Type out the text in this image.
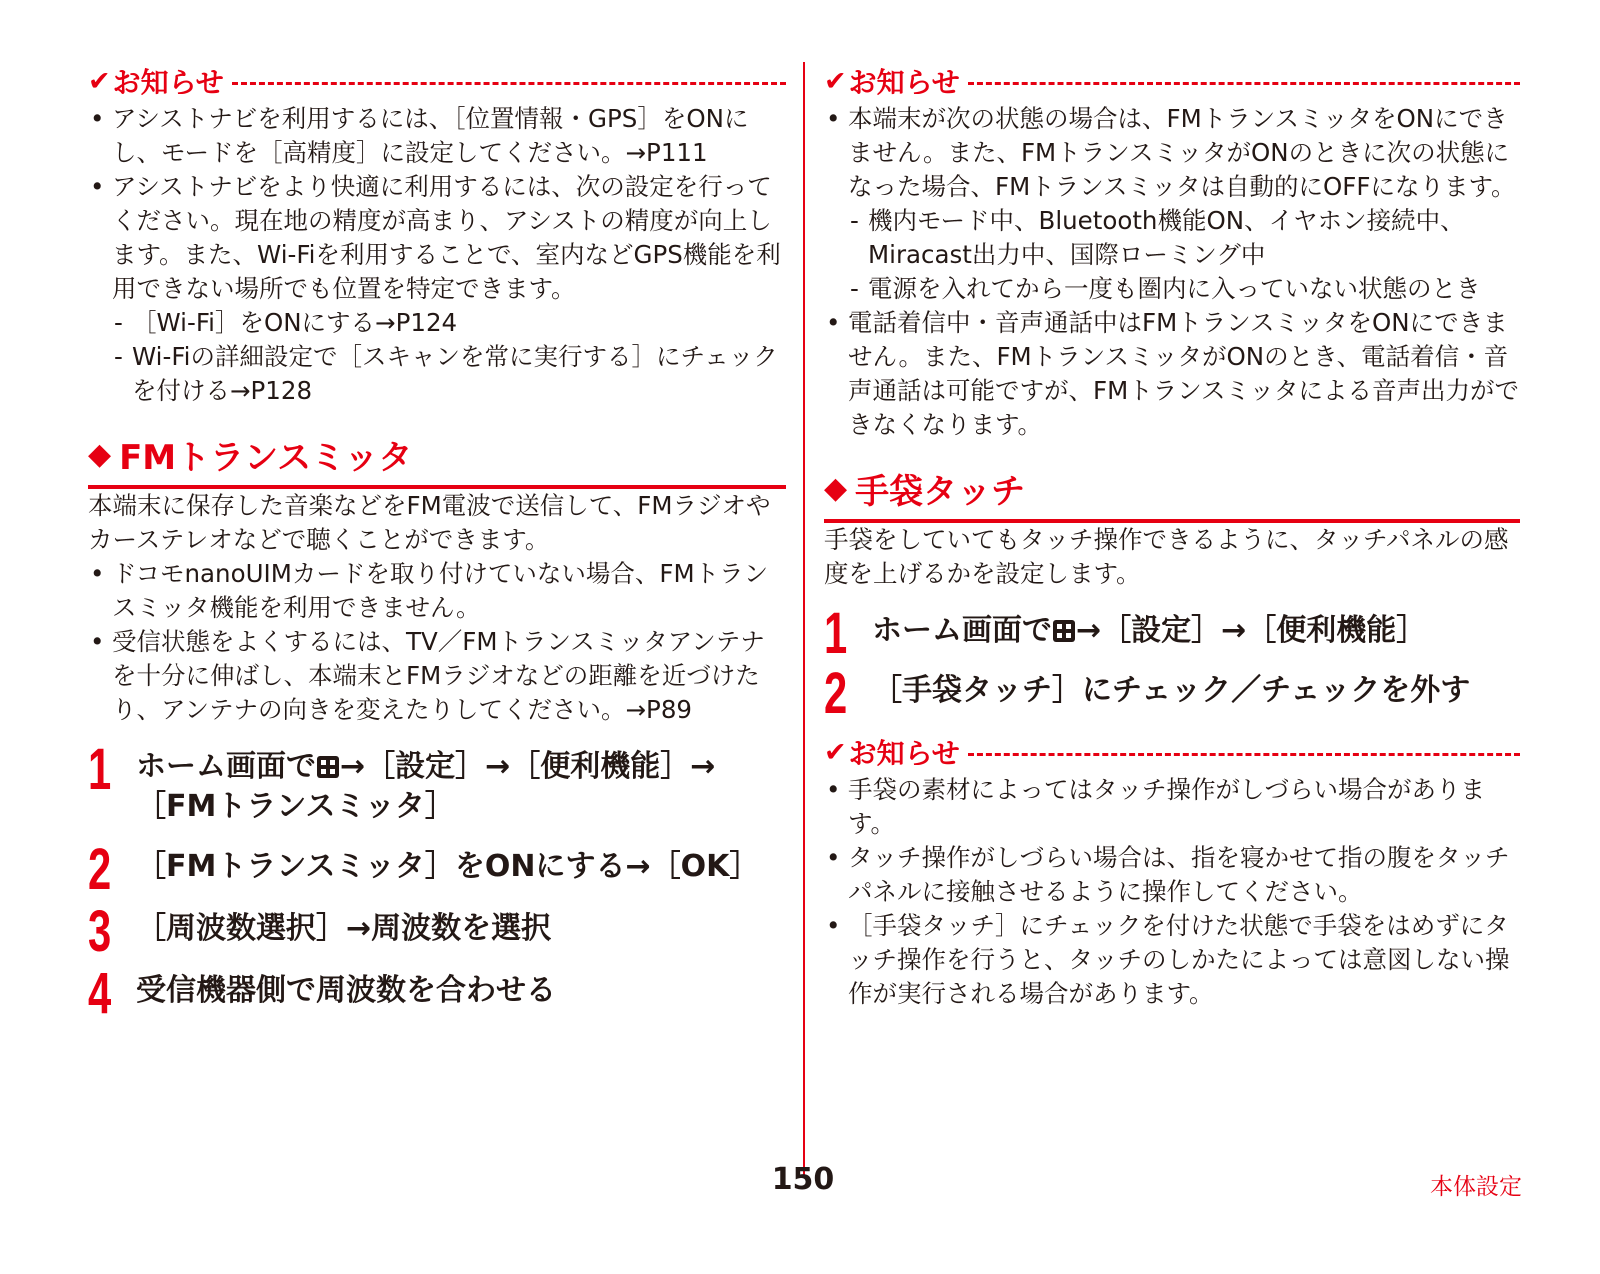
✔ お知らせ
• アシストナビを利用するには、［位置情報・GPS］をONにし、モードを［高精度］に設定してください。→P111
• アシストナビをより快適に利用するには、次の設定を行ってください。現在地の精度が高まり、アシストの精度が向上します。また、Wi-Fiを利用することで、室内などGPS機能を利用できない場所でも位置を特定できます。
- ［Wi-Fi］をONにする→P124
- Wi-Fiの詳細設定で［スキャンを常に実行する］にチェックを付ける→P128
◆ FMトランスミッタ

本端末に保存した音楽などをFM電波で送信して、FMラジオやカーステレオなどで聴くことができます。

• ドコモnanoUIMカードを取り付けていない場合、FMトランスミッタ機能を利用できません。
• 受信状態をよくするには、TV／FMトランスミッタアンテナを十分に伸ばし、本端末とFMラジオなどの距離を近づけたり、アンテナの向きを変えたりしてください。→P89
1 ホーム画面で →［設定］→［便利機能］→［FMトランスミッタ］
2 ［FMトランスミッタ］をONにする→［OK］
3 ［周波数選択］→周波数を選択
4 受信機器側で周波数を合わせる
✔ お知らせ
• 本端末が次の状態の場合は、FMトランスミッタをONにできません。また、FMトランスミッタがONのときに次の状態になった場合、FMトランスミッタは自動的にOFFになります。
- 機内モード中、Bluetooth機能ON、イヤホン接続中、Miracast出力中、国際ローミング中
- 電源を入れてから一度も圏内に入っていない状態のとき
• 電話着信中・音声通話中はFMトランスミッタをONにできません。また、FMトランスミッタがONのとき、電話着信・音声通話は可能ですが、FMトランスミッタによる音声出力ができなくなります。
◆ 手袋タッチ

手袋をしていてもタッチ操作できるように、タッチパネルの感度を上げるかを設定します。

1 ホーム画面で →［設定］→［便利機能］
2 ［手袋タッチ］にチェック／チェックを外す
✔ お知らせ
• 手袋の素材によってはタッチ操作がしづらい場合があります。
• タッチ操作がしづらい場合は、指を寝かせて指の腹をタッチパネルに接触させるように操作してください。
• ［手袋タッチ］にチェックを付けた状態で手袋をはめずにタッチ操作を行うと、タッチのしかたによっては意図しない操作が実行される場合があります。
150	本体設定
